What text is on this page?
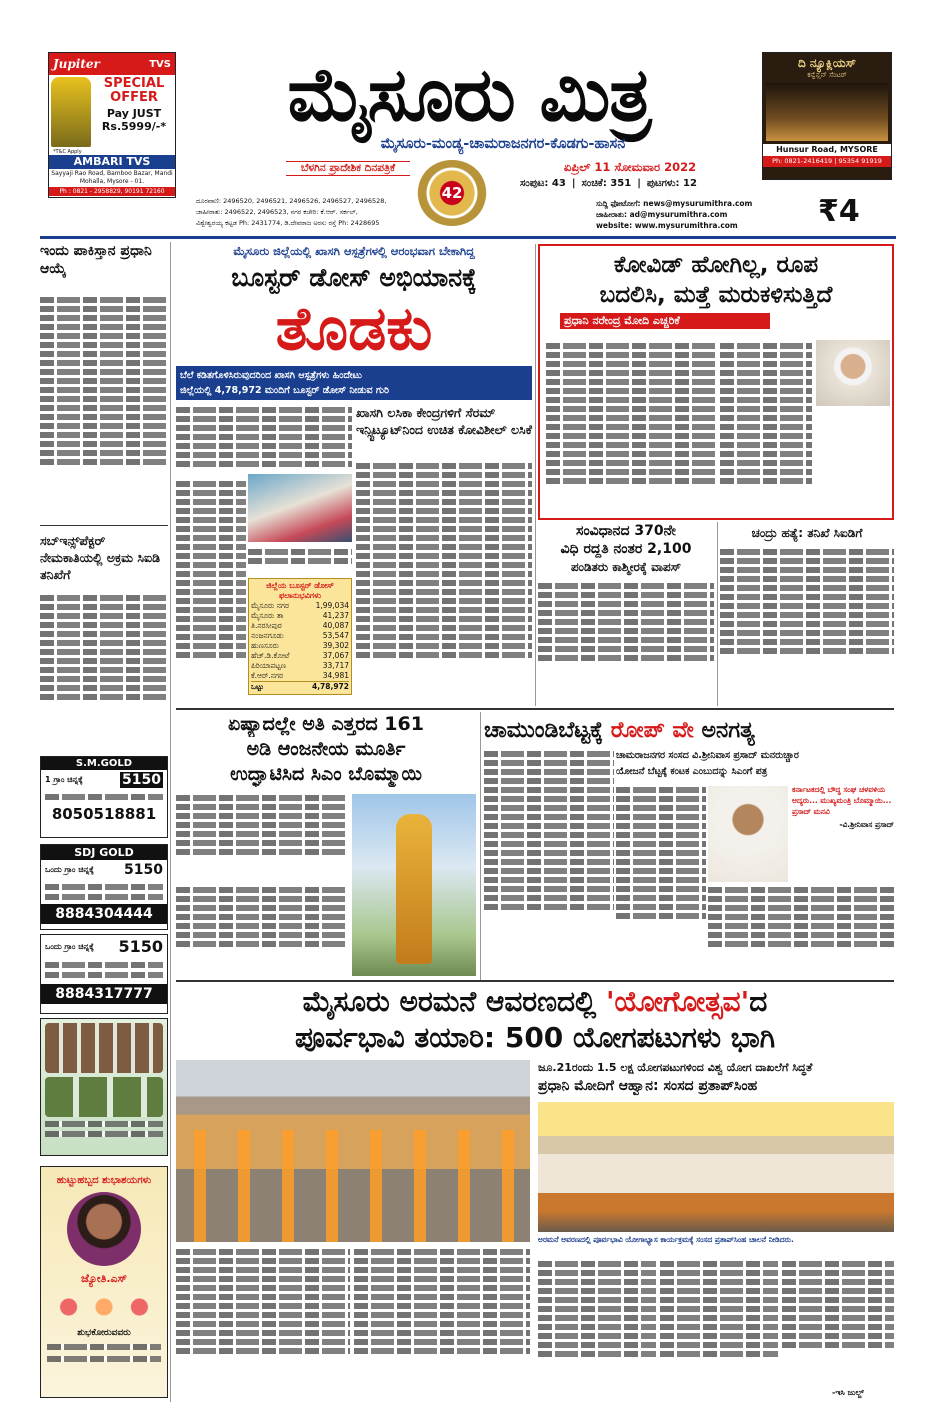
Jupiter	TVS
SPECIAL OFFER
Pay JUST
Rs.5999/-*
*T&C Apply
AMBARI TVS
Sayyaji Rao Road, Bamboo Bazar, Mandi Mohalla, Mysore - 01.
Ph : 0821 - 2958829, 90191 72160
ಮೈಸೂರು ಮಿತ್ರ
ಮೈಸೂರು-ಮಂಡ್ಯ-ಚಾಮರಾಜನಗರ-ಕೊಡಗು-ಹಾಸನ
ಬೆಳಗಿನ ಪ್ರಾದೇಶಿಕ ದಿನಪತ್ರಿಕೆ
42
ಏಪ್ರಿಲ್ 11 ಸೋಮವಾರ 2022
ಸಂಪುಟ: 43 | ಸಂಚಿಕೆ: 351 | ಪುಟಗಳು: 12
ದೂರವಾಣಿ: 2496520, 2496521, 2496526, 2496527, 2496528,
ಜಾಹೀರಾತು: 2496522, 2496523, ನಗರ ಕಚೇರಿ: ಕೆ.ಆರ್. ಸರ್ಕಲ್,
ವಿಶ್ವೇಶ್ವರಯ್ಯ ಕಟ್ಟಡ Ph: 2431774, ಡಿ.ದೇವರಾಜ ಅರಸು ರಸ್ತೆ Ph: 2428695
ಸುದ್ದಿ ಫೋಟೋಗೆ: news@mysurumithra.com
ಜಾಹೀರಾತು: ad@mysurumithra.com
website: www.mysurumithra.com	₹4
ದಿ ನ್ಯೂಕ್ಲಿಯಸ್
ಕನ್ವೆನ್ಷನ್ ಸೆಂಟರ್
Hunsur Road, MYSORE
Ph: 0821-2416419 | 95354 91919
ಇಂದು ಪಾಕಿಸ್ತಾನ ಪ್ರಧಾನಿ ಆಯ್ಕೆ
ಸಬ್‌ಇನ್ಸ್‌ಪೆಕ್ಟರ್ ನೇಮಕಾತಿಯಲ್ಲಿ ಅಕ್ರಮ ಸಿಐಡಿ ತನಿಖೆಗೆ
ಮೈಸೂರು ಜಿಲ್ಲೆಯಲ್ಲಿ ಖಾಸಗಿ ಆಸ್ಪತ್ರೆಗಳಲ್ಲಿ ಆರಂಭವಾಗ ಬೇಕಾಗಿದ್ದ
ಬೂಸ್ಟರ್ ಡೋಸ್ ಅಭಿಯಾನಕ್ಕೆ
ತೊಡಕು
ಬೆಲೆ ಕಡಿತಗೊಳಿಸಿರುವುದರಿಂದ ಖಾಸಗಿ ಆಸ್ಪತ್ರೆಗಳು ಹಿಂದೇಟು
ಜಿಲ್ಲೆಯಲ್ಲಿ 4,78,972 ಮಂದಿಗೆ ಬೂಸ್ಟರ್ ಡೋಸ್ ನೀಡುವ ಗುರಿ
ಜಿಲ್ಲೆಯ ಬೂಸ್ಟರ್ ಡೋಸ್ ಫಲಾನುಭವಿಗಳು
ಮೈಸೂರು ನಗರ	1,99,034
ಮೈಸೂರು ತಾ	41,237
ತಿ.ನರಸೀಪುರ	40,087
ನಂಜನಗೂಡು	53,547
ಹುಣಸೂರು	39,302
ಹೆಚ್.ಡಿ.ಕೋಟೆ	37,067
ಪಿರಿಯಾಪಟ್ಟಣ	33,717
ಕೆ.ಆರ್.ನಗರ	34,981
ಒಟ್ಟು	4,78,972
ಖಾಸಗಿ ಲಸಿಕಾ ಕೇಂದ್ರಗಳಿಗೆ ಸೆರಮ್ ಇನ್ಸ್ಟಿಟ್ಯೂಟ್‌ನಿಂದ ಉಚಿತ ಕೋವಿಶೀಲ್ ಲಸಿಕೆ
ಕೋವಿಡ್ ಹೋಗಿಲ್ಲ, ರೂಪ
ಬದಲಿಸಿ, ಮತ್ತೆ ಮರುಕಳಿಸುತ್ತಿದೆ
ಪ್ರಧಾನಿ ನರೇಂದ್ರ ಮೋದಿ ಎಚ್ಚರಿಕೆ
ಸಂವಿಧಾನದ 370ನೇ
ವಿಧಿ ರದ್ದತಿ ನಂತರ 2,100
ಪಂಡಿತರು ಕಾಶ್ಮೀರಕ್ಕೆ ವಾಪಸ್
ಚಂದ್ರು ಹತ್ಯೆ: ತನಿಖೆ ಸಿಐಡಿಗೆ
ಏಷ್ಯಾದಲ್ಲೇ ಅತಿ ಎತ್ತರದ 161
ಅಡಿ ಆಂಜನೇಯ ಮೂರ್ತಿ
ಉದ್ಘಾಟಿಸಿದ ಸಿಎಂ ಬೊಮ್ಮಾಯಿ
ಚಾಮುಂಡಿಬೆಟ್ಟಕ್ಕೆ ರೋಪ್ ವೇ ಅನಗತ್ಯ
ಚಾಮರಾಜನಗರ ಸಂಸದ ವಿ.ಶ್ರೀನಿವಾಸ ಪ್ರಸಾದ್ ಮನರುಚ್ಚಾರ
ಯೋಜನೆ ಬೆಟ್ಟಕ್ಕೆ ಕಂಟಕ ಎಂಬುದನ್ನು ಸಿಎಂಗೆ ಪತ್ರ
ಕರ್ನಾಟಕದಲ್ಲಿ ಬೌದ್ಧ ಸಂಘ ಚಳವಳಿಯ ಆದ್ಯರು... ಮುಖ್ಯಮಂತ್ರಿ ಬೊಮ್ಮಾಯಿ... ಪ್ರಸಾದ್ ಮನವಿ
-ವಿ.ಶ್ರೀನಿವಾಸ ಪ್ರಸಾದ್
ಮೈಸೂರು ಅರಮನೆ ಆವರಣದಲ್ಲಿ 'ಯೋಗೋತ್ಸವ'ದ
ಪೂರ್ವಭಾವಿ ತಯಾರಿ: 500 ಯೋಗಪಟುಗಳು ಭಾಗಿ
ಜೂ.21ರಂದು 1.5 ಲಕ್ಷ ಯೋಗಪಟುಗಳಿಂದ ವಿಶ್ವ ಯೋಗ ದಾಖಲೆಗೆ ಸಿದ್ಧತೆ
ಪ್ರಧಾನಿ ಮೋದಿಗೆ ಆಹ್ವಾನ: ಸಂಸದ ಪ್ರತಾಪ್‌ಸಿಂಹ
ಅರಮನೆ ಆವರಣದಲ್ಲಿ ಪೂರ್ವಭಾವಿ ಯೋಗಾಭ್ಯಾಸ ಕಾರ್ಯಕ್ರಮಕ್ಕೆ ಸಂಸದ ಪ್ರತಾಪ್‌ಸಿಂಹ ಚಾಲನೆ ನೀಡಿದರು.
-ಇಸಿ ಜುಲ್ಜ್
S.M.GOLD
1 ಗ್ರಾಂ ಚಿನ್ನಕ್ಕೆ	5150
8050518881
SDJ GOLD
ಒಂದು ಗ್ರಾಂ ಚಿನ್ನಕ್ಕೆ 5150
8884304444
ಒಂದು ಗ್ರಾಂ ಚಿನ್ನಕ್ಕೆ 5150
8884317777
ಹುಟ್ಟುಹಬ್ಬದ ಶುಭಾಶಯಗಳು
ಜ್ಯೋತಿ.ಎಸ್
ಶುಭಕೋರುವವರು
